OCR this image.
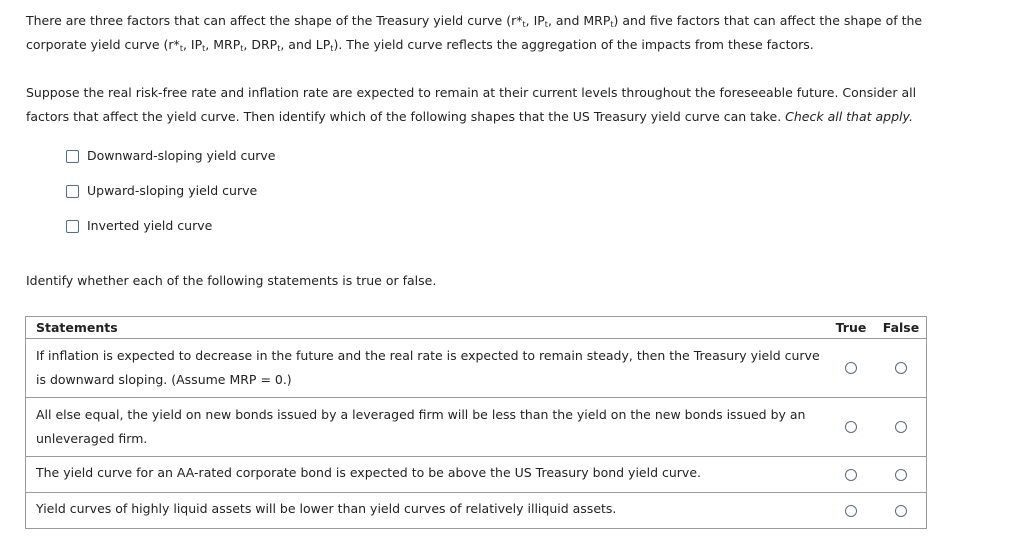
There are three factors that can affect the shape of the Treasury yield curve ($r*_t$, $IP_t$, and $MRP_t$) and five factors that can affect the shape of the corporate yield curve ($r*_t$, $IP_t$, $MRP_t$, $DRP_t$, and $LP_t$). The yield curve reflects the aggregation of the impacts from these factors.

Suppose the real risk-free rate and inflation rate are expected to remain at their current levels throughout the foreseeable future. Consider all factors that affect the yield curve. Then identify which of the following shapes that the US Treasury yield curve can take. Check all that apply.

Downward-sloping yield curve
Upward-sloping yield curve
Inverted yield curve

Identify whether each of the following statements is true or false.

Statements	True	False
If inflation is expected to decrease in the future and the real rate is expected to remain steady, then the Treasury yield curve is downward sloping. (Assume MRP = 0.)
All else equal, the yield on new bonds issued by a leveraged firm will be less than the yield on the new bonds issued by an unleveraged firm.
The yield curve for an AA-rated corporate bond is expected to be above the US Treasury bond yield curve.
Yield curves of highly liquid assets will be lower than yield curves of relatively illiquid assets.
